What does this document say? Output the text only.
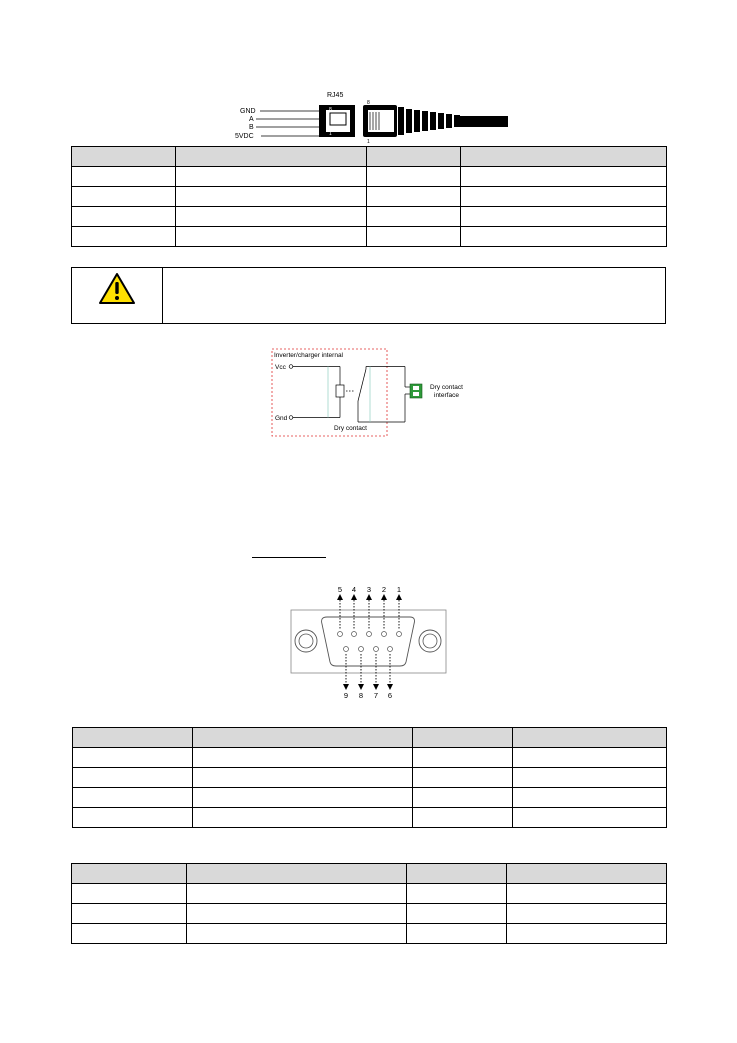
RJ45
GND
A
B
5VDC
8
1
8
1

Inverter/charger internal
Vcc
Gnd
Dry contact
Dry contact
interface
5 4 3 2 1
9 8 7 6
